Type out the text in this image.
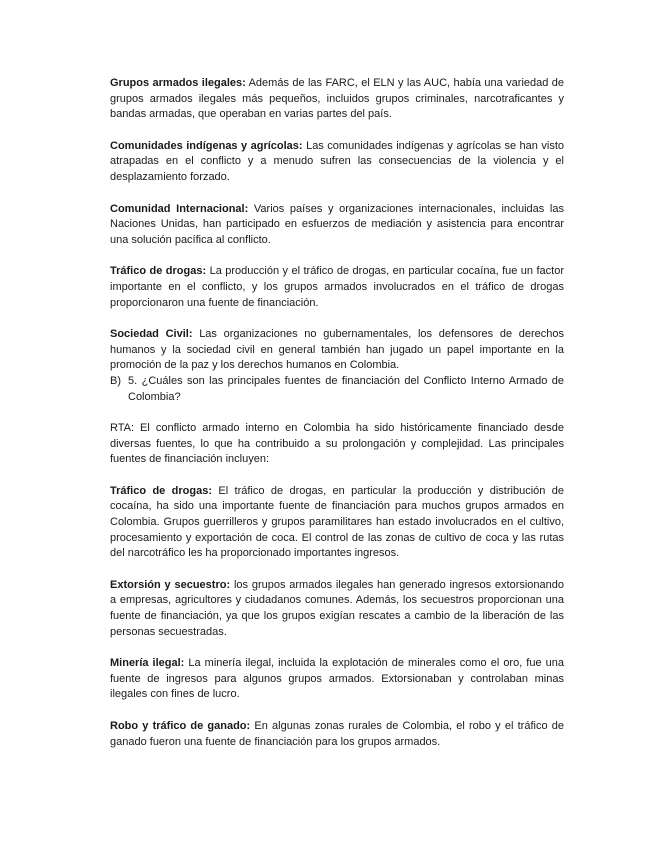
Grupos armados ilegales: Además de las FARC, el ELN y las AUC, había una variedad de grupos armados ilegales más pequeños, incluidos grupos criminales, narcotraficantes y bandas armadas, que operaban en varias partes del país.

Comunidades indígenas y agrícolas: Las comunidades indígenas y agrícolas se han visto atrapadas en el conflicto y a menudo sufren las consecuencias de la violencia y el desplazamiento forzado.

Comunidad Internacional: Varios países y organizaciones internacionales, incluidas las Naciones Unidas, han participado en esfuerzos de mediación y asistencia para encontrar una solución pacífica al conflicto.

Tráfico de drogas: La producción y el tráfico de drogas, en particular cocaína, fue un factor importante en el conflicto, y los grupos armados involucrados en el tráfico de drogas proporcionaron una fuente de financiación.

Sociedad Civil: Las organizaciones no gubernamentales, los defensores de derechos humanos y la sociedad civil en general también han jugado un papel importante en la promoción de la paz y los derechos humanos en Colombia.

B) 5. ¿Cuáles son las principales fuentes de financiación del Conflicto Interno Armado de Colombia?

RTA: El conflicto armado interno en Colombia ha sido históricamente financiado desde diversas fuentes, lo que ha contribuido a su prolongación y complejidad. Las principales fuentes de financiación incluyen:

Tráfico de drogas: El tráfico de drogas, en particular la producción y distribución de cocaína, ha sido una importante fuente de financiación para muchos grupos armados en Colombia. Grupos guerrilleros y grupos paramilitares han estado involucrados en el cultivo, procesamiento y exportación de coca. El control de las zonas de cultivo de coca y las rutas del narcotráfico les ha proporcionado importantes ingresos.

Extorsión y secuestro: los grupos armados ilegales han generado ingresos extorsionando a empresas, agricultores y ciudadanos comunes. Además, los secuestros proporcionan una fuente de financiación, ya que los grupos exigían rescates a cambio de la liberación de las personas secuestradas.

Minería ilegal: La minería ilegal, incluida la explotación de minerales como el oro, fue una fuente de ingresos para algunos grupos armados. Extorsionaban y controlaban minas ilegales con fines de lucro.

Robo y tráfico de ganado: En algunas zonas rurales de Colombia, el robo y el tráfico de ganado fueron una fuente de financiación para los grupos armados.
